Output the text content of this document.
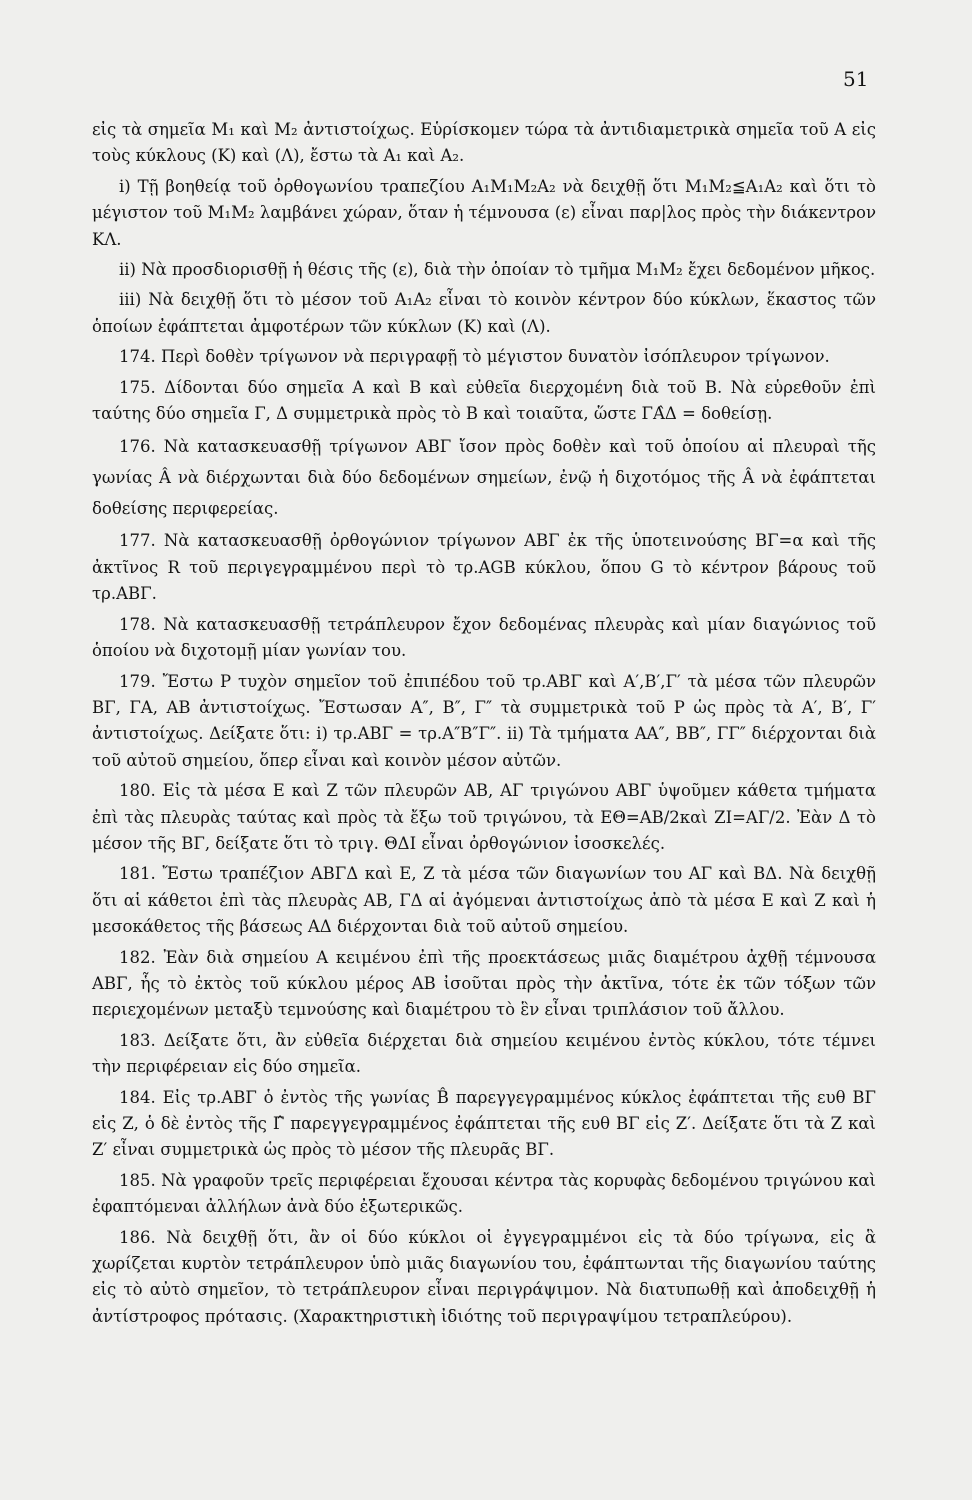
51

εἰς τὰ σημεῖα Μ₁ καὶ Μ₂ ἀντιστοίχως. Εὑρίσκομεν τώρα τὰ ἀντιδιαμετρικὰ σημεῖα τοῦ Α εἰς τοὺς κύκλους (Κ) καὶ (Λ), ἔστω τὰ Α₁ καὶ Α₂.

i) Τῇ βοηθείᾳ τοῦ ὀρθογωνίου τραπεζίου Α₁Μ₁Μ₂Α₂ νὰ δειχθῇ ὅτι Μ₁Μ₂≦Α₁Α₂ καὶ ὅτι τὸ μέγιστον τοῦ Μ₁Μ₂ λαμβάνει χώραν, ὅταν ἡ τέμνουσα (ε) εἶναι παρ|λος πρὸς τὴν διάκεντρον ΚΛ.

ii) Νὰ προσδιορισθῇ ἡ θέσις τῆς (ε), διὰ τὴν ὁποίαν τὸ τμῆμα Μ₁Μ₂ ἔχει δεδομένον μῆκος.

iii) Νὰ δειχθῇ ὅτι τὸ μέσον τοῦ Α₁Α₂ εἶναι τὸ κοινὸν κέντρον δύο κύκλων, ἕκαστος τῶν ὁποίων ἐφάπτεται ἀμφοτέρων τῶν κύκλων (Κ) καὶ (Λ).

174. Περὶ δοθὲν τρίγωνον νὰ περιγραφῇ τὸ μέγιστον δυνατὸν ἰσόπλευρον τρίγωνον.

175. Δίδονται δύο σημεῖα Α καὶ Β καὶ εὐθεῖα διερχομένη διὰ τοῦ Β. Νὰ εὑρεθοῦν ἐπὶ ταύτης δύο σημεῖα Γ, Δ συμμετρικὰ πρὸς τὸ Β καὶ τοιαῦτα, ὥστε ΓΑ̂Δ = δοθείσῃ.

176. Νὰ κατασκευασθῇ τρίγωνον ΑΒΓ ἴσον πρὸς δοθὲν καὶ τοῦ ὁποίου αἱ πλευραὶ τῆς γωνίας Â νὰ διέρχωνται διὰ δύο δεδομένων σημείων, ἐνῷ ἡ διχοτόμος τῆς Â νὰ ἐφάπτεται δοθείσης περιφερείας.

177. Νὰ κατασκευασθῇ ὀρθογώνιον τρίγωνον ΑΒΓ ἐκ τῆς ὑποτεινούσης ΒΓ=α καὶ τῆς ἀκτῖνος R τοῦ περιγεγραμμένου περὶ τὸ τρ.AGB κύκλου, ὅπου G τὸ κέντρον βάρους τοῦ τρ.ΑΒΓ.

178. Νὰ κατασκευασθῇ τετράπλευρον ἔχον δεδομένας πλευρὰς καὶ μίαν διαγώνιος τοῦ ὁποίου νὰ διχοτομῇ μίαν γωνίαν του.

179. Ἔστω Ρ τυχὸν σημεῖον τοῦ ἐπιπέδου τοῦ τρ.ΑΒΓ καὶ Α′,Β′,Γ′ τὰ μέσα τῶν πλευρῶν ΒΓ, ΓΑ, ΑΒ ἀντιστοίχως. Ἔστωσαν Α″, Β″, Γ″ τὰ συμμετρικὰ τοῦ Ρ ὡς πρὸς τὰ Α′, Β′, Γ′ ἀντιστοίχως. Δείξατε ὅτι: i) τρ.ΑΒΓ = τρ.Α″Β″Γ″. ii) Τὰ τμήματα ΑΑ″, ΒΒ″, ΓΓ″ διέρχονται διὰ τοῦ αὐτοῦ σημείου, ὅπερ εἶναι καὶ κοινὸν μέσον αὐτῶν.

180. Εἰς τὰ μέσα Ε καὶ Ζ τῶν πλευρῶν ΑΒ, ΑΓ τριγώνου ΑΒΓ ὑψοῦμεν κάθετα τμήματα ἐπὶ τὰς πλευρὰς ταύτας καὶ πρὸς τὰ ἔξω τοῦ τριγώνου, τὰ ΕΘ=ΑΒ/2καὶ ΖΙ=ΑΓ/2. Ἐὰν Δ τὸ μέσον τῆς ΒΓ, δείξατε ὅτι τὸ τριγ. ΘΔΙ εἶναι ὀρθογώνιον ἰσοσκελές.

181. Ἔστω τραπέζιον ΑΒΓΔ καὶ Ε, Ζ τὰ μέσα τῶν διαγωνίων του ΑΓ καὶ ΒΔ. Νὰ δειχθῇ ὅτι αἱ κάθετοι ἐπὶ τὰς πλευρὰς ΑΒ, ΓΔ αἱ ἀγόμεναι ἀντιστοίχως ἀπὸ τὰ μέσα Ε καὶ Ζ καὶ ἡ μεσοκάθετος τῆς βάσεως ΑΔ διέρχονται διὰ τοῦ αὐτοῦ σημείου.

182. Ἐὰν διὰ σημείου Α κειμένου ἐπὶ τῆς προεκτάσεως μιᾶς διαμέτρου ἀχθῇ τέμνουσα ΑΒΓ, ἧς τὸ ἐκτὸς τοῦ κύκλου μέρος ΑΒ ἰσοῦται πρὸς τὴν ἀκτῖνα, τότε ἐκ τῶν τόξων τῶν περιεχομένων μεταξὺ τεμνούσης καὶ διαμέτρου τὸ ἓν εἶναι τριπλάσιον τοῦ ἄλλου.

183. Δείξατε ὅτι, ἂν εὐθεῖα διέρχεται διὰ σημείου κειμένου ἐντὸς κύκλου, τότε τέμνει τὴν περιφέρειαν εἰς δύο σημεῖα.

184. Εἰς τρ.ΑΒΓ ὁ ἐντὸς τῆς γωνίας B̂ παρεγγεγραμμένος κύκλος ἐφάπτεται τῆς ευθ ΒΓ εἰς Ζ, ὁ δὲ ἐντὸς τῆς Γ̂ παρεγγεγραμμένος ἐφάπτεται τῆς ευθ ΒΓ εἰς Ζ′. Δείξατε ὅτι τὰ Ζ καὶ Ζ′ εἶναι συμμετρικὰ ὡς πρὸς τὸ μέσον τῆς πλευρᾶς ΒΓ.

185. Νὰ γραφοῦν τρεῖς περιφέρειαι ἔχουσαι κέντρα τὰς κορυφὰς δεδομένου τριγώνου καὶ ἐφαπτόμεναι ἀλλήλων ἀνὰ δύο ἐξωτερικῶς.

186. Νὰ δειχθῇ ὅτι, ἂν οἱ δύο κύκλοι οἱ ἐγγεγραμμένοι εἰς τὰ δύο τρίγωνα, εἰς ἃ χωρίζεται κυρτὸν τετράπλευρον ὑπὸ μιᾶς διαγωνίου του, ἐφάπτωνται τῆς διαγωνίου ταύτης εἰς τὸ αὐτὸ σημεῖον, τὸ τετράπλευρον εἶναι περιγράψιμον. Νὰ διατυπωθῇ καὶ ἀποδειχθῇ ἡ ἀντίστροφος πρότασις. (Χαρακτηριστικὴ ἰδιότης τοῦ περιγραψίμου τετραπλεύρου).
